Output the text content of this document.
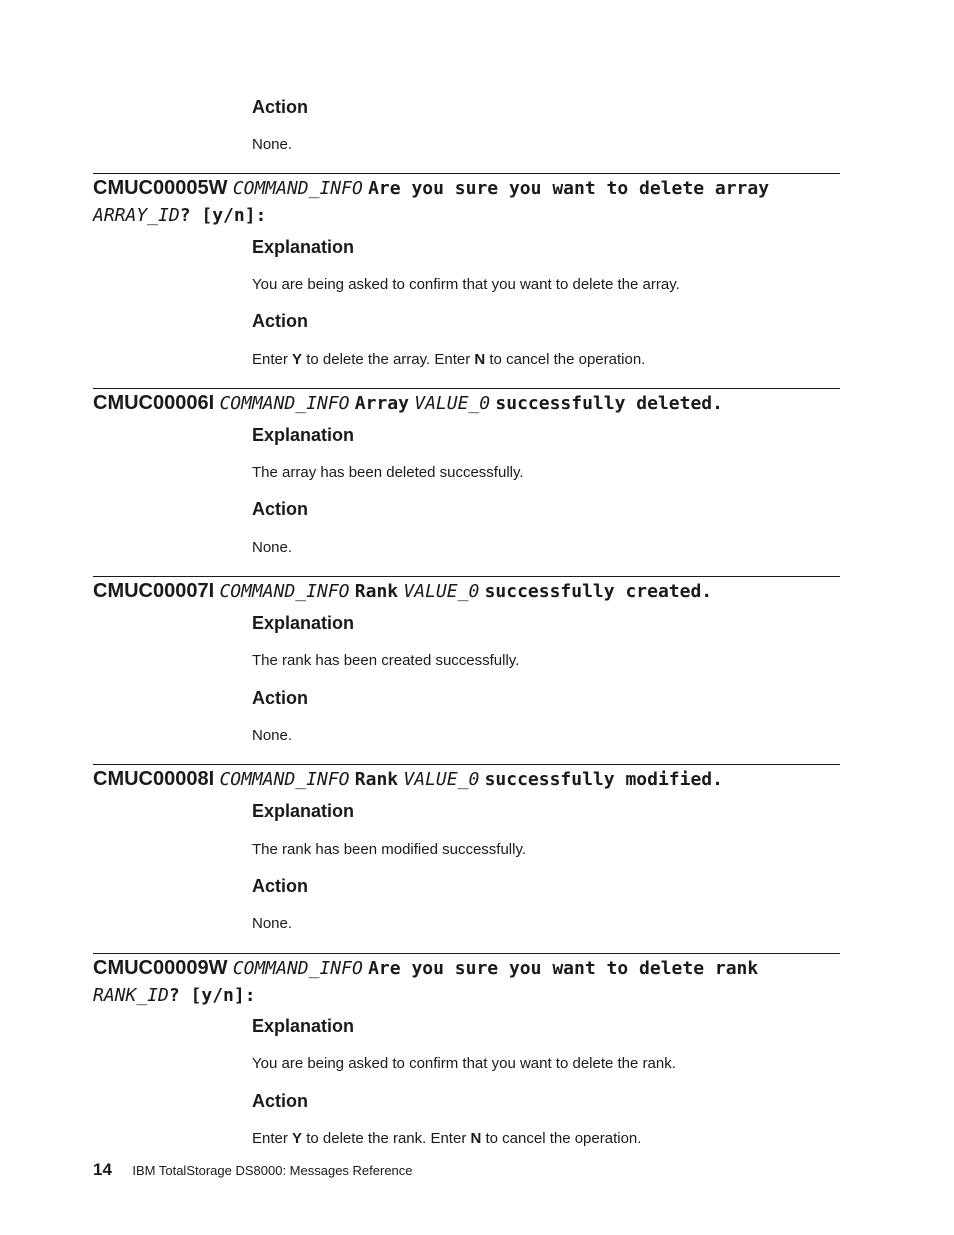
Action

None.

CMUC00005W COMMAND_INFO Are you sure you want to delete array
ARRAY_ID? [y/n]:
Explanation

You are being asked to confirm that you want to delete the array.

Action

Enter Y to delete the array. Enter N to cancel the operation.

CMUC00006I COMMAND_INFO Array VALUE_0 successfully deleted.
Explanation

The array has been deleted successfully.

Action

None.

CMUC00007I COMMAND_INFO Rank VALUE_0 successfully created.
Explanation

The rank has been created successfully.

Action

None.

CMUC00008I COMMAND_INFO Rank VALUE_0 successfully modified.
Explanation

The rank has been modified successfully.

Action

None.

CMUC00009W COMMAND_INFO Are you sure you want to delete rank
RANK_ID? [y/n]:
Explanation

You are being asked to confirm that you want to delete the rank.

Action

Enter Y to delete the rank. Enter N to cancel the operation.

14 IBM TotalStorage DS8000: Messages Reference
